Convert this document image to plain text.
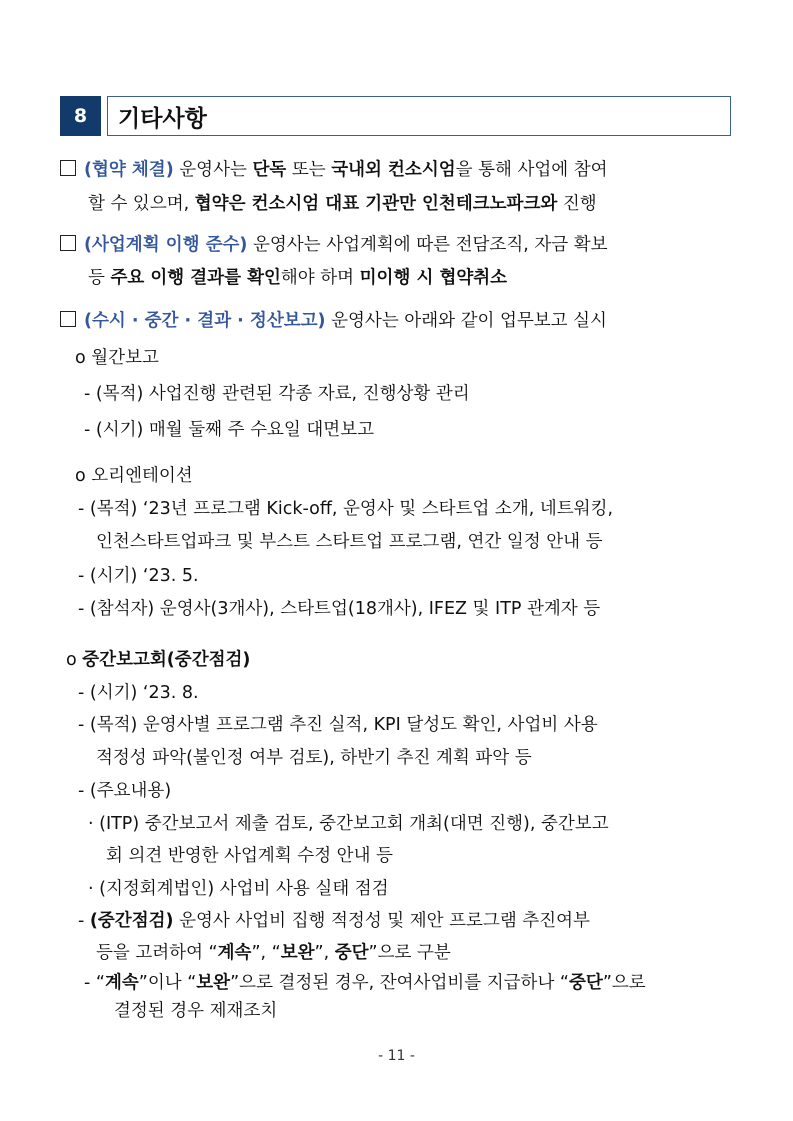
8	기타사항
(협약 체결) 운영사는 단독 또는 국내외 컨소시엄을 통해 사업에 참여
할 수 있으며, 협약은 컨소시엄 대표 기관만 인천테크노파크와 진행
(사업계획 이행 준수) 운영사는 사업계획에 따른 전담조직, 자금 확보
등 주요 이행 결과를 확인해야 하며 미이행 시 협약취소
(수시 · 중간 · 결과 · 정산보고) 운영사는 아래와 같이 업무보고 실시
o 월간보고
- (목적) 사업진행 관련된 각종 자료, 진행상황 관리
- (시기) 매월 둘째 주 수요일 대면보고
o 오리엔테이션
- (목적) ‘23년 프로그램 Kick-off, 운영사 및 스타트업 소개, 네트워킹,
인천스타트업파크 및 부스트 스타트업 프로그램, 연간 일정 안내 등
- (시기) ‘23. 5.
- (참석자) 운영사(3개사), 스타트업(18개사), IFEZ 및 ITP 관계자 등
o 중간보고회(중간점검)
- (시기) ‘23. 8.
- (목적) 운영사별 프로그램 추진 실적, KPI 달성도 확인, 사업비 사용
적정성 파악(불인정 여부 검토), 하반기 추진 계획 파악 등
- (주요내용)
· (ITP) 중간보고서 제출 검토, 중간보고회 개최(대면 진행), 중간보고
회 의견 반영한 사업계획 수정 안내 등
· (지정회계법인) 사업비 사용 실태 점검
- (중간점검) 운영사 사업비 집행 적정성 및 제안 프로그램 추진여부
등을 고려하여 “계속”, “보완”, 중단”으로 구분
- “계속”이나 “보완”으로 결정된 경우, 잔여사업비를 지급하나 “중단”으로
결정된 경우 제재조치
- 11 -
